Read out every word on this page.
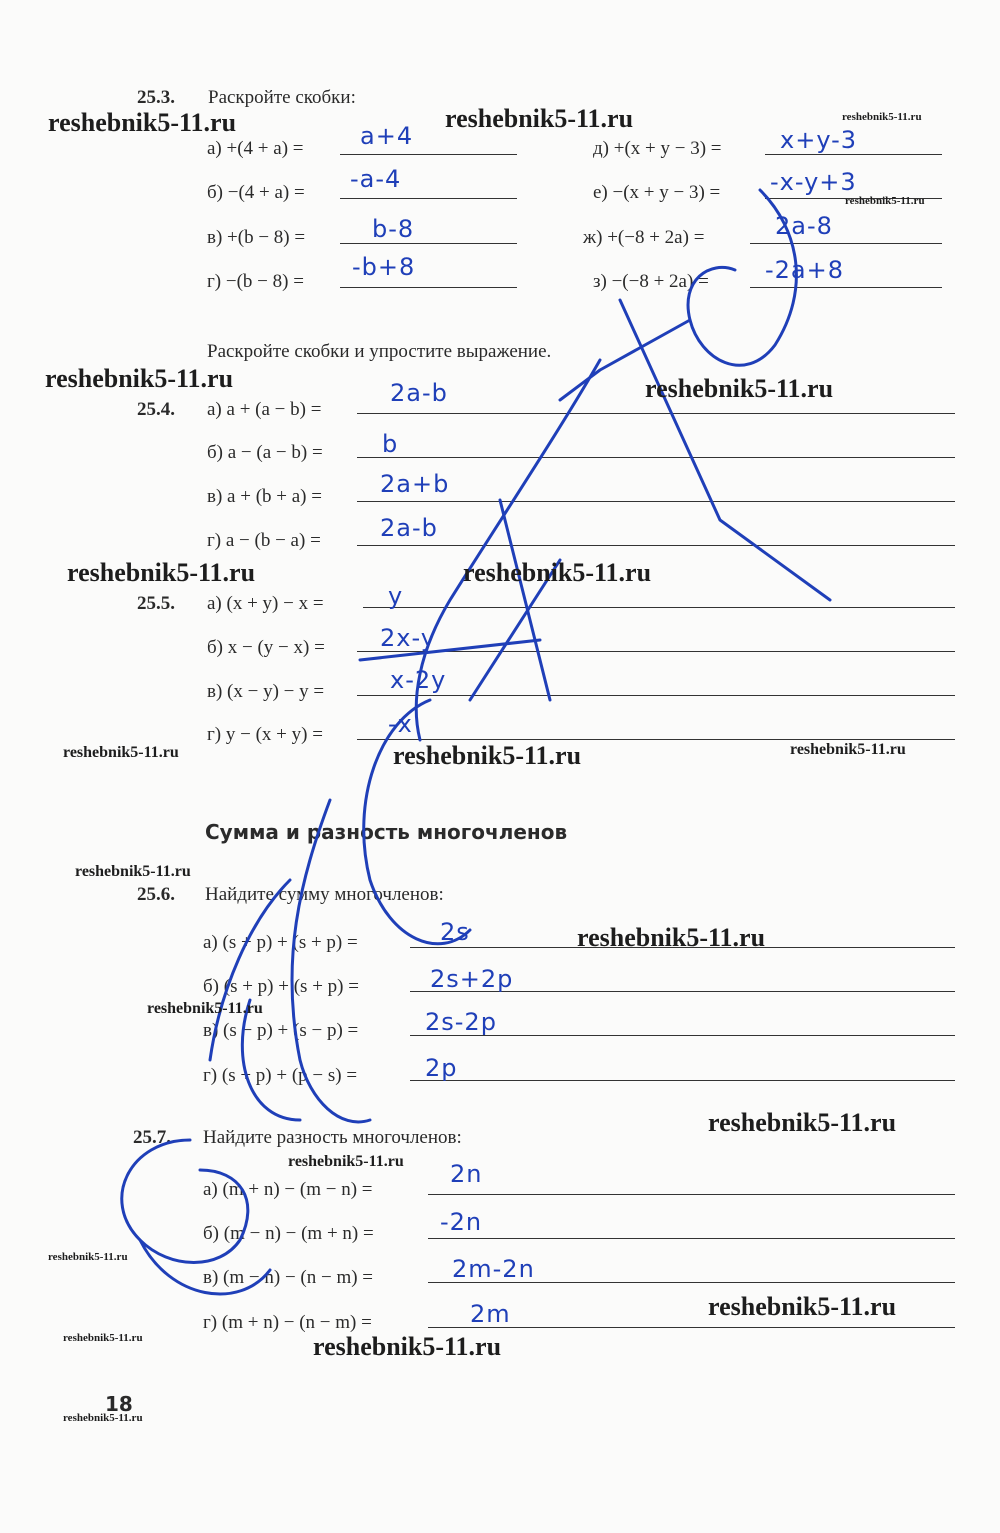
25.3. Раскройте скобки:
а) +(4 + a) = a+4
б) −(4 + a) = -a-4
в) +(b − 8) =	b-8
г) −(b − 8) =
-b+8
д) +(x + y − 3) = x+y-3
е) −(x + y − 3) = -x-y+3
ж) +(−8 + 2a) =	2a-8
з) −(−8 + 2a) = -2a+8
Раскройте скобки и упростите выражение.
25.4. а) a + (a − b) =
2a-b
б) a − (a − b) = b
в) a + (b + a) = 2a+b
г) a − (b − a) = 2a-b
25.5. а) (x + y) − x =	y
б) x − (y − x) = 2x-y
в) (x − y) − y =	x-2y
г) y − (x + y) =	-x
Сумма и разность многочленов
25.6. Найдите сумму многочленов:
а) (s + p) + (s + p) =	2s
б) (s + p) + (s + p) =	2s+2p
в) (s − p) + (s − p) =	2s-2p
г) (s + p) + (p − s) =	2p
25.7. Найдите разность многочленов:
а) (m + n) − (m − n) =
2n
б) (m − n) − (m + n) =	-2n
в) (m − n) − (n − m) =	2m-2n
г) (m + n) − (n − m) =	2m
18
reshebnik5-11.ru	reshebnik5-11.ru	reshebnik5-11.ru
reshebnik5-11.ru
reshebnik5-11.ru	reshebnik5-11.ru
reshebnik5-11.ru	reshebnik5-11.ru
reshebnik5-11.ru	reshebnik5-11.ru	reshebnik5-11.ru
reshebnik5-11.ru
reshebnik5-11.ru
reshebnik5-11.ru
reshebnik5-11.ru
reshebnik5-11.ru
reshebnik5-11.ru
reshebnik5-11.ru
reshebnik5-11.ru	reshebnik5-11.ru
reshebnik5-11.ru
